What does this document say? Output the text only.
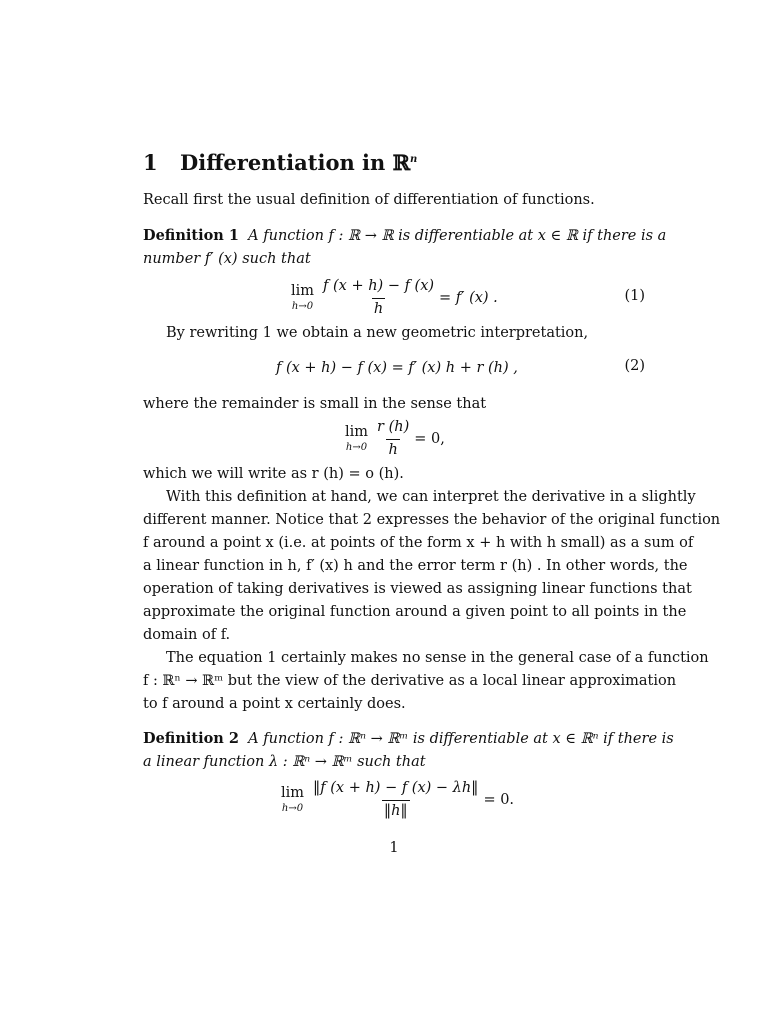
1 Differentiation in ℝ$^n$
Recall first the usual definition of differentiation of functions.
Definition 1 A function f : ℝ → ℝ is differentiable at x ∈ ℝ if there is a
number f′ (x) such that
lim
$h\to 0 \frac{f (x + h) - f (x)}{h} = f'$ (x) .	(1)
By rewriting 1 we obtain a new geometric interpretation,
f (x + h) − f (x) = f′ (x) h + r (h) ,	(2)
where the remainder is small in the sense that
lim
$h\to 0 \frac{r (h)}{h} = 0$,
which we will write as r (h) = o (h).
With this definition at hand, we can interpret the derivative in a slightly
different manner. Notice that 2 expresses the behavior of the original function
f around a point x (i.e. at points of the form x + h with h small) as a sum of
a linear function in h, f′ (x) h and the error term r (h) . In other words, the
operation of taking derivatives is viewed as assigning linear functions that
approximate the original function around a given point to all points in the
domain of f.
The equation 1 certainly makes no sense in the general case of a function
f : ℝⁿ → ℝᵐ but the view of the derivative as a local linear approximation
to f around a point x certainly does.
Definition 2 A function f : ℝⁿ → ℝᵐ is differentiable at x ∈ ℝⁿ if there is
a linear function λ : ℝⁿ → ℝᵐ such that
lim
$h\to 0 \frac{‖f (x + h) - f (x) - \lambda h‖}{‖h‖} = 0$.
1
